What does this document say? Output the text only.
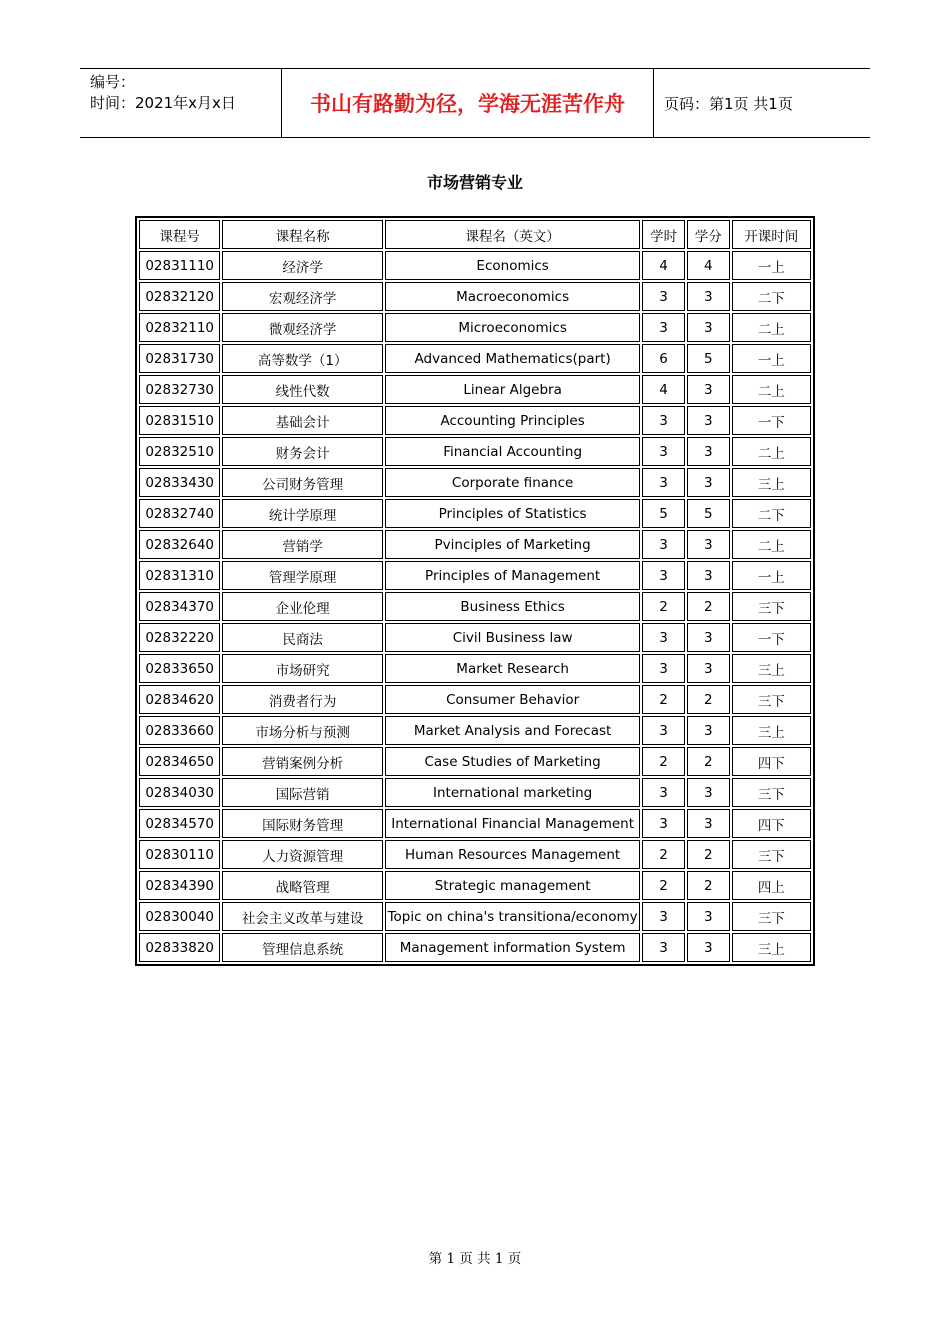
编号：
时间：2021年x月x日	书山有路勤为径，学海无涯苦作舟	页码：第1页 共1页
市场营销专业
课程号	课程名称	课程名（英文）	学时	学分	开课时间
02831110	经济学	Economics	4	4	一上
02832120	宏观经济学	Macroeconomics	3	3	二下
02832110	微观经济学	Microeconomics	3	3	二上
02831730	高等数学（1）	Advanced Mathematics(part)	6	5	一上
02832730	线性代数	Linear Algebra	4	3	二上
02831510	基础会计	Accounting Principles	3	3	一下
02832510	财务会计	Financial Accounting	3	3	二上
02833430	公司财务管理	Corporate finance	3	3	三上
02832740	统计学原理	Principles of Statistics	5	5	二下
02832640	营销学	Pvinciples of Marketing	3	3	二上
02831310	管理学原理	Principles of Management	3	3	一上
02834370	企业伦理	Business Ethics	2	2	三下
02832220	民商法	Civil Business law	3	3	一下
02833650	市场研究	Market Research	3	3	三上
02834620	消费者行为	Consumer Behavior	2	2	三下
02833660	市场分析与预测	Market Analysis and Forecast	3	3	三上
02834650	营销案例分析	Case Studies of Marketing	2	2	四下
02834030	国际营销	International marketing	3	3	三下
02834570	国际财务管理	International Financial Management	3	3	四下
02830110	人力资源管理	Human Resources Management	2	2	三下
02834390	战略管理	Strategic management	2	2	四上
02830040	社会主义改革与建设	Topic on china's transitiona/economy	3	3	三下
02833820	管理信息系统	Management information System	3	3	三上
第 1 页 共 1 页
